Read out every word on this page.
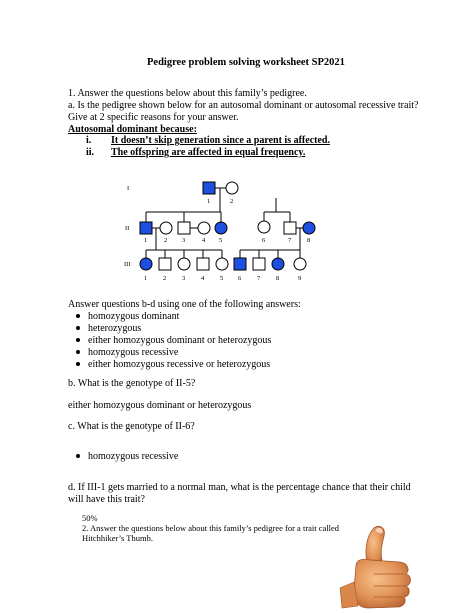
Pedigree problem solving worksheet SP2021
1. Answer the questions below about this family’s pedigree.
a. Is the pedigree shown below for an autosomal dominant or autosomal recessive trait?
Give at 2 specific reasons for your answer.
Autosomal dominant because:
i. It doesn’t skip generation since a parent is affected.
ii. The offspring are affected in equal frequency.
I
II
III
1	2
1	2 3	4 5	6	7 8
1 2 3 4 5 6 7 8	9
Answer questions b-d using one of the following answers:
homozygous dominant
heterozygous
either homozygous dominant or heterozygous
homozygous recessive
either homozygous recessive or heterozygous
b. What is the genotype of II-5?
either homozygous dominant or heterozygous
c. What is the genotype of II-6?
homozygous recessive
d. If III-1 gets married to a normal man, what is the percentage chance that their child
will have this trait?
50%
2. Answer the questions below about this family’s pedigree for a trait called
Hitchhiker’s Thumb.
